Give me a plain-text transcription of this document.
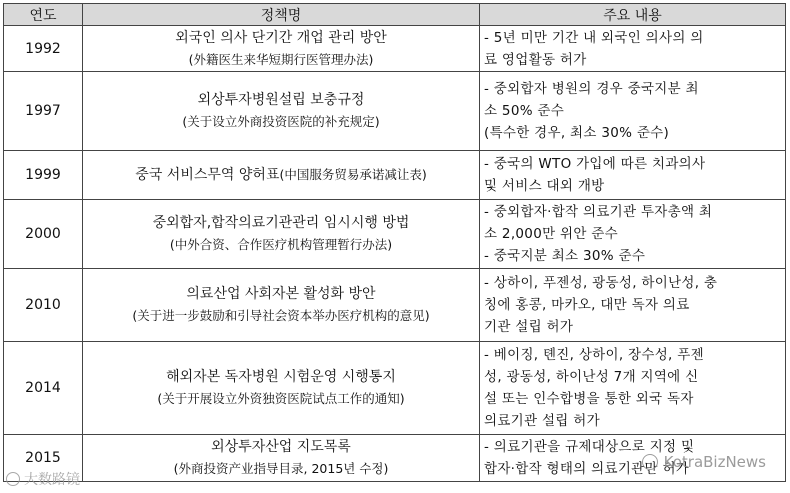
연도	정책명	주요 내용
1992	외국인 의사 단기간 개업 관리 방안
(外籍医生来华短期行医管理办法)	- 5년 미만 기간 내 외국인 의사의 의
료 영업활동 허가

1997	외상투자병원설립 보충규정
(关于设立外商投资医院的补充规定)	- 중외합자 병원의 경우 중국지분 최
소 50% 준수
(특수한 경우, 최소 30% 준수)

1999	중국 서비스무역 양허표(中国服务贸易承诺减让表)	- 중국의 WTO 가입에 따른 치과의사
및 서비스 대외 개방

2000	중외합자,합작의료기관관리 임시시행 방법
(中外合资、合作医疗机构管理暂行办法)	- 중외합자·합작 의료기관 투자총액 최
소 2,000만 위안 준수
- 중국지분 최소 30% 준수

2010	의료산업 사회자본 활성화 방안
(关于进一步鼓励和引导社会资本举办医疗机构的意见)	- 상하이, 푸젠성, 광동성, 하이난성, 충
칭에 홍콩, 마카오, 대만 독자 의료
기관 설립 허가

2014	해외자본 독자병원 시험운영 시행통지
(关于开展设立外资独资医院试点工作的通知)	- 베이징, 톈진, 상하이, 장수성, 푸젠
성, 광동성, 하이난성 7개 지역에 신
설 또는 인수합병을 통한 외국 독자
의료기관 설립 허가

2015	외상투자산업 지도목록
(外商投资产业指导目录, 2015년 수정)	- 의료기관을 규제대상으로 지정 및
합자·합작 형태의 의료기관만 허가
大数路镜
KotraBizNews
